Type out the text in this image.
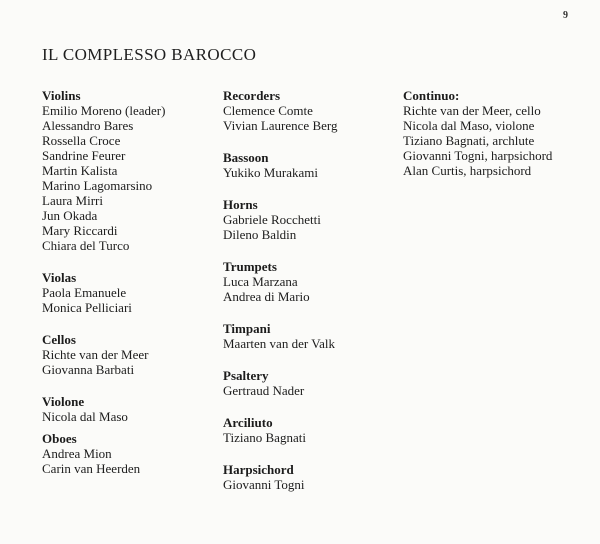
9
IL COMPLESSO BAROCCO
Violins
Emilio Moreno (leader)
Alessandro Bares
Rossella Croce
Sandrine Feurer
Martin Kalista
Marino Lagomarsino
Laura Mirri
Jun Okada
Mary Riccardi
Chiara del Turco
Violas
Paola Emanuele
Monica Pelliciari
Cellos
Richte van der Meer
Giovanna Barbati
Violone
Nicola dal Maso
Oboes
Andrea Mion
Carin van Heerden
Recorders
Clemence Comte
Vivian Laurence Berg
Bassoon
Yukiko Murakami
Horns
Gabriele Rocchetti
Dileno Baldin
Trumpets
Luca Marzana
Andrea di Mario
Timpani
Maarten van der Valk
Psaltery
Gertraud Nader
Arciliuto
Tiziano Bagnati
Harpsichord
Giovanni Togni
Continuo:
Richte van der Meer, cello
Nicola dal Maso, violone
Tiziano Bagnati, archlute
Giovanni Togni, harpsichord
Alan Curtis, harpsichord
